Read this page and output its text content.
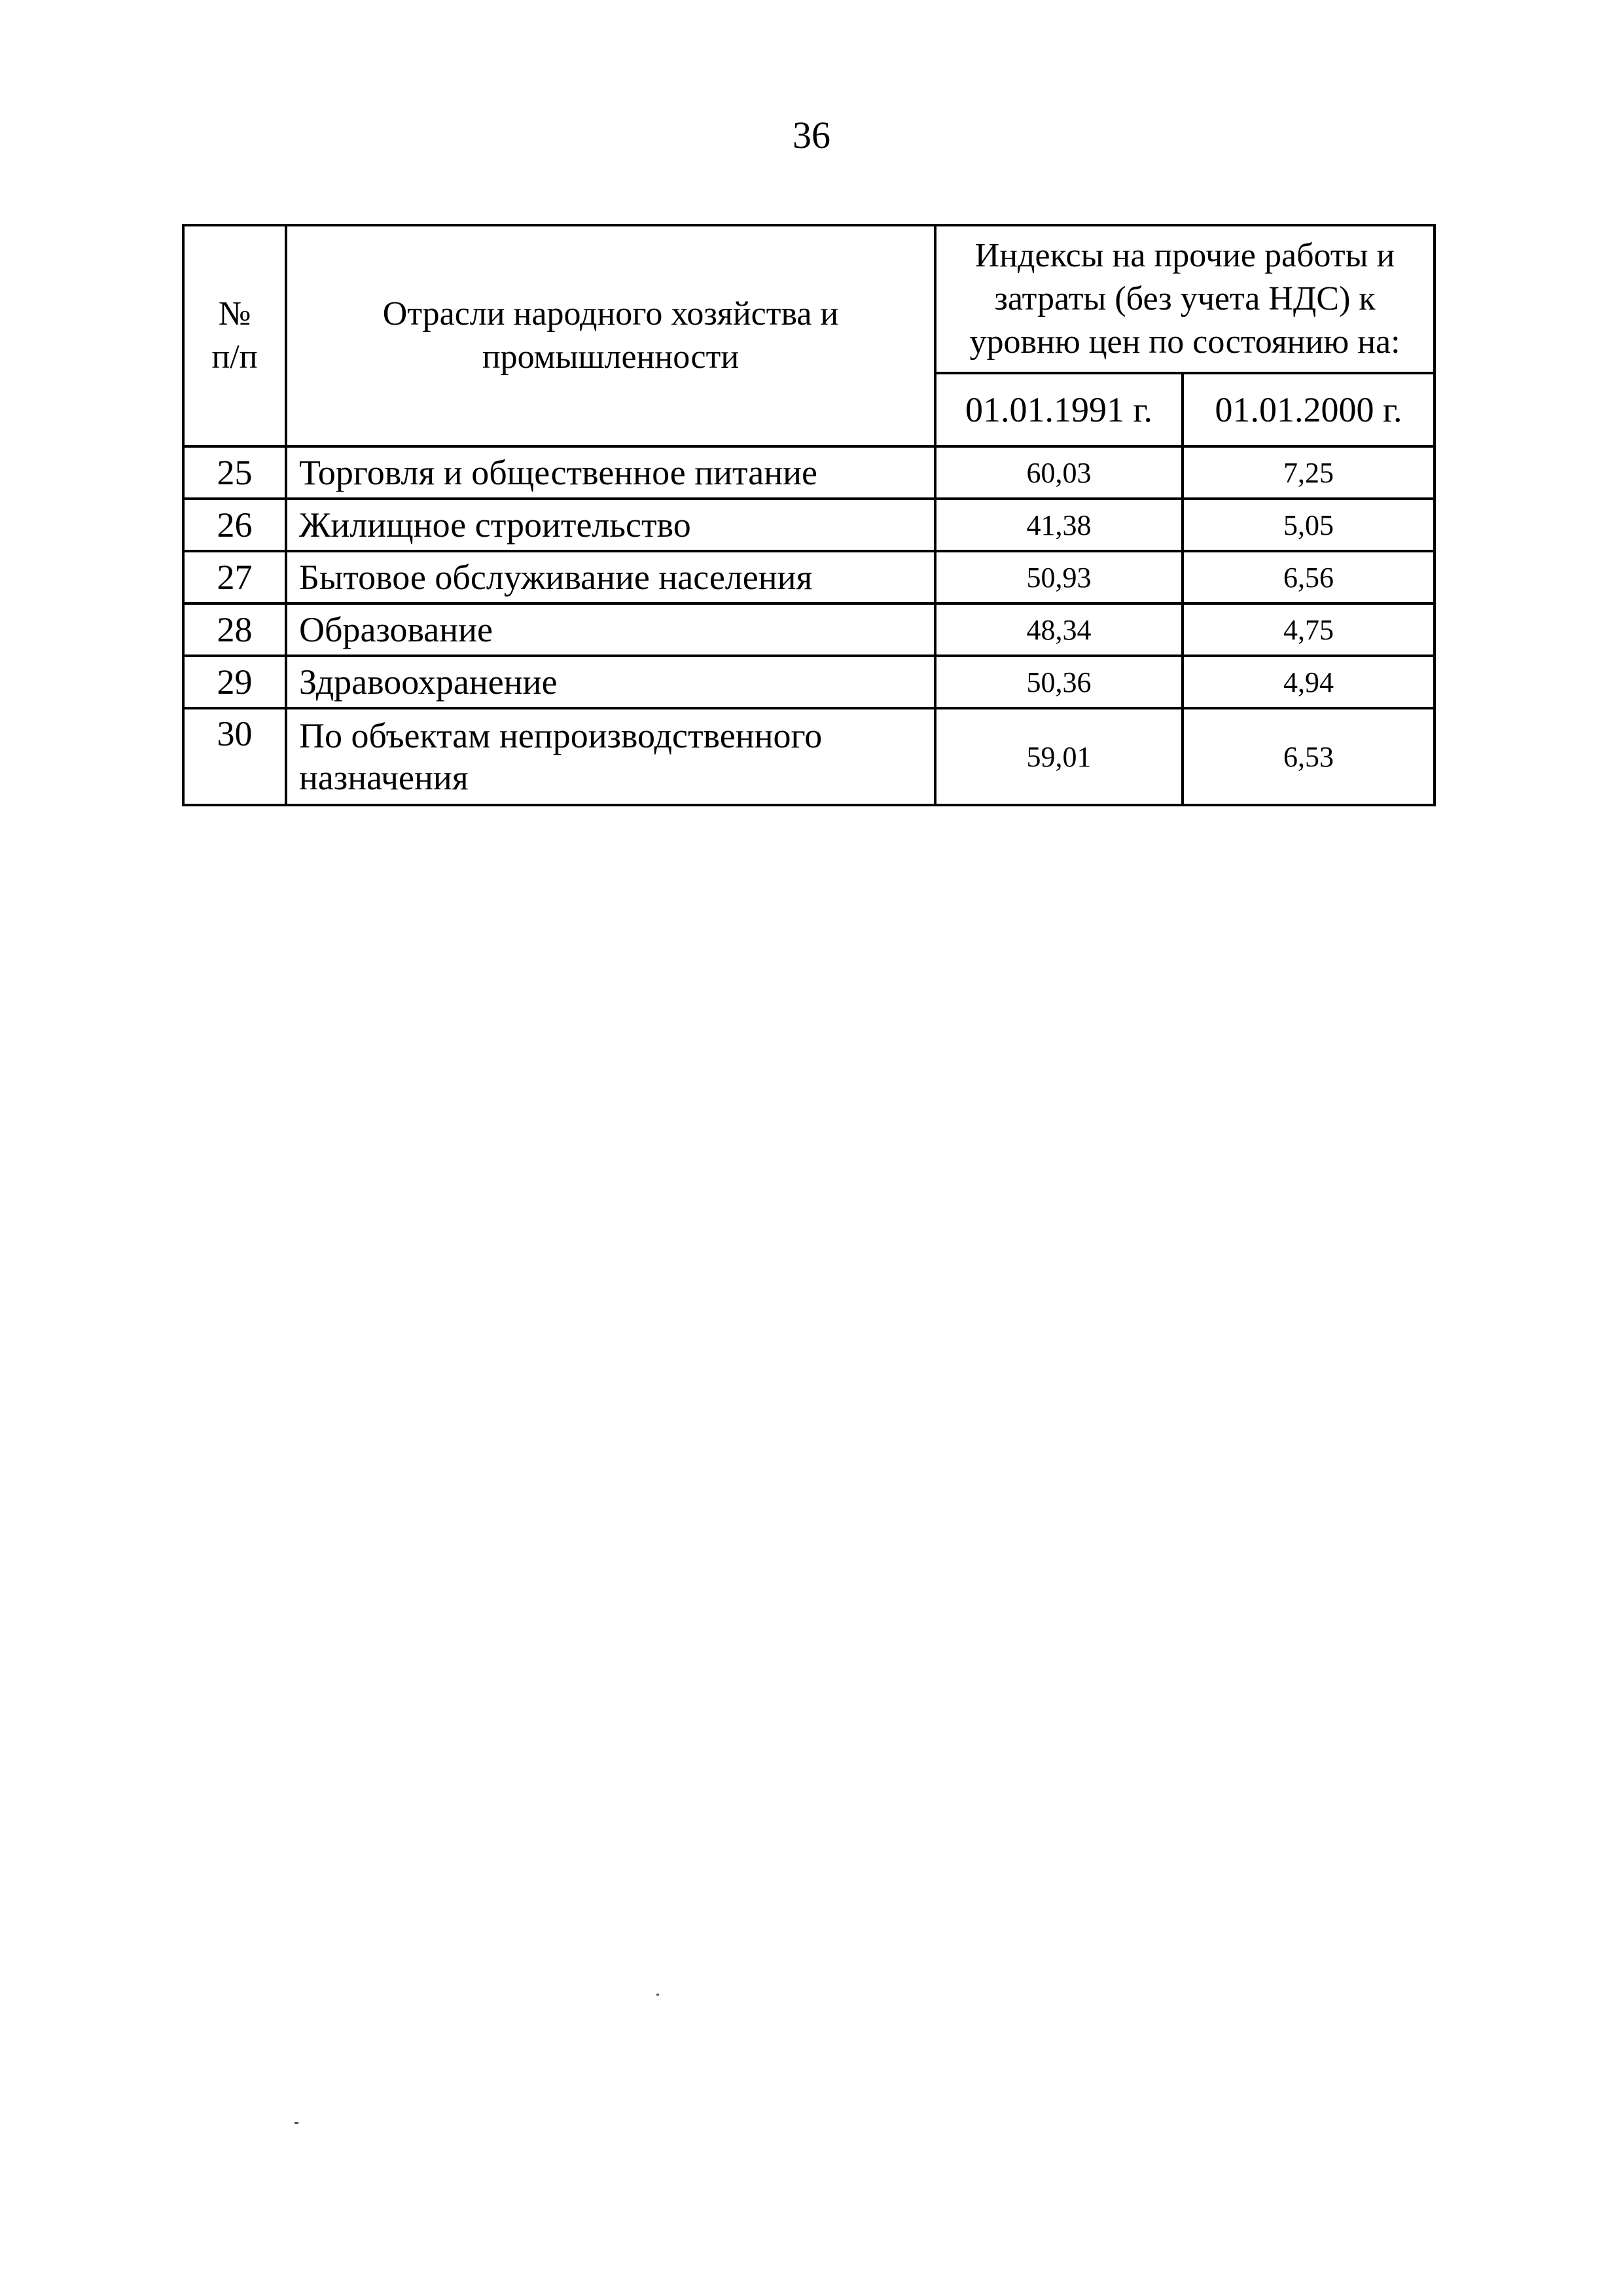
36
№
п/п	Отрасли народного хозяйства и промышленности	Индексы на прочие работы и затраты (без учета НДС) к уровню цен по состоянию на:	
		01.01.1991 г.	01.01.2000 г.
25	Торговля и общественное питание	60,03	7,25
26	Жилищное строительство	41,38	5,05
27	Бытовое обслуживание населения	50,93	6,56
28	Образование	48,34	4,75
29	Здравоохранение	50,36	4,94
30	По объектам непроизводственного назначения	59,01	6,53
